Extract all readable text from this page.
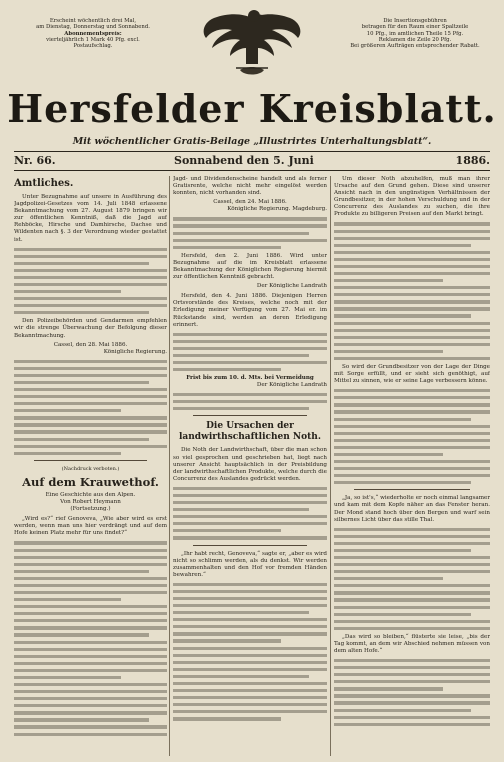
Erscheint wöchentlich drei Mal,
am Dienstag, Donnerstag und Sonnabend.
Abonnementspreis:
vierteljährlich 1 Mark 40 Pfg. excl.
Postaufschlag.
Die Insertionsgebühren
betragen für den Raum einer Spaltzeile
10 Pfg., im amtlichen Theile 15 Pfg.
Reklamen die Zeile 20 Pfg.
Bei größeren Aufträgen entsprechender Rabatt.
Hersfelder Kreisblatt.
Mit wöchentlicher Gratis-Beilage „Illustrirtes Unterhaltungsblatt“.
Nr. 66.	Sonnabend den 5. Juni	1886.
Amtliches.

Unter Bezugnahme auf unsere in Ausführung des Jagdpolizei-Gesetzes vom 14. Juli 1848 erlassene Bekanntmachung vom 27. August 1879 bringen wir zur öffentlichen Kenntniß, daß die Jagd auf Rehböcke, Hirsche und Damhirsche, Dachse und Wildenten nach §. 3 der Verordnung wieder gestattet ist.

Den Polizeibehörden und Gendarmen empfehlen wir die strenge Überwachung der Befolgung dieser Bekanntmachung.

Cassel, den 28. Mai 1886.
Königliche Regierung.
(Nachdruck verboten.)
Auf dem Krauwethof.
Eine Geschichte aus den Alpen.
Von Robert Heymann
(Fortsetzung.)

„Wird es?“ rief Genoveva, „Wie aber wird es erst werden, wenn man uns hier verdrängt und auf dem Hofe keinen Platz mehr für uns findet?“

Jagd- und Dividendenscheine handelt und als ferner Gratisrente, welche nicht mehr eingelöst werden konnten, nicht vorhanden sind.

Cassel, den 24. Mai 1886.
Königliche Regierung. Magdeburg.

Hersfeld, den 2. Juni 1886. Wird unter Bezugnahme auf die im Kreisblatt erlassene Bekanntmachung der Königlichen Regierung hiermit zur öffentlichen Kenntniß gebracht.

Der Königliche Landrath

Hersfeld, den 4. Juni 1886. Diejenigen Herren Ortsvorstände des Kreises, welche noch mit der Erledigung meiner Verfügung vom 27. Mai er. im Rückstande sind, werden an deren Erledigung erinnert.

Frist bis zum 10. d. Mts. bei Vermeidung
Der Königliche Landrath
Die Ursachen der landwirthschaftlichen Noth.

Die Noth der Landwirthschaft, über die man schon so viel gesprochen und geschrieben hat, liegt nach unserer Ansicht hauptsächlich in der Preisbildung der landwirthschaftlichen Produkte, welche durch die Concurrenz des Auslandes gedrückt werden.

„Ihr habt recht, Genoveva,“ sagte er, „aber es wird nicht so schlimm werden, als du denkst. Wir werden zusammenhalten und den Hof vor fremden Händen bewahren.“

Um dieser Noth abzuhelfen, muß man ihrer Ursache auf den Grund gehen. Diese sind unserer Ansicht nach in den ungünstigen Verhältnissen der Grundbesitzer, in der hohen Verschuldung und in der Concurrenz des Auslandes zu suchen, die ihre Produkte zu billigeren Preisen auf den Markt bringt.

So wird der Grundbesitzer von der Lage der Dinge mit Sorge erfüllt, und er sieht sich genöthigt, auf Mittel zu sinnen, wie er seine Lage verbessern könne.

„Ja, so ist's,“ wiederholte er noch einmal langsamer und kam mit dem Kopfe näher an das Fenster heran. Der Mond stand hoch über den Bergen und warf sein silbernes Licht über das stille Thal.

„Das wird so bleiben,“ flüsterte sie leise, „bis der Tag kommt, an dem wir Abschied nehmen müssen von dem alten Hofe.“
